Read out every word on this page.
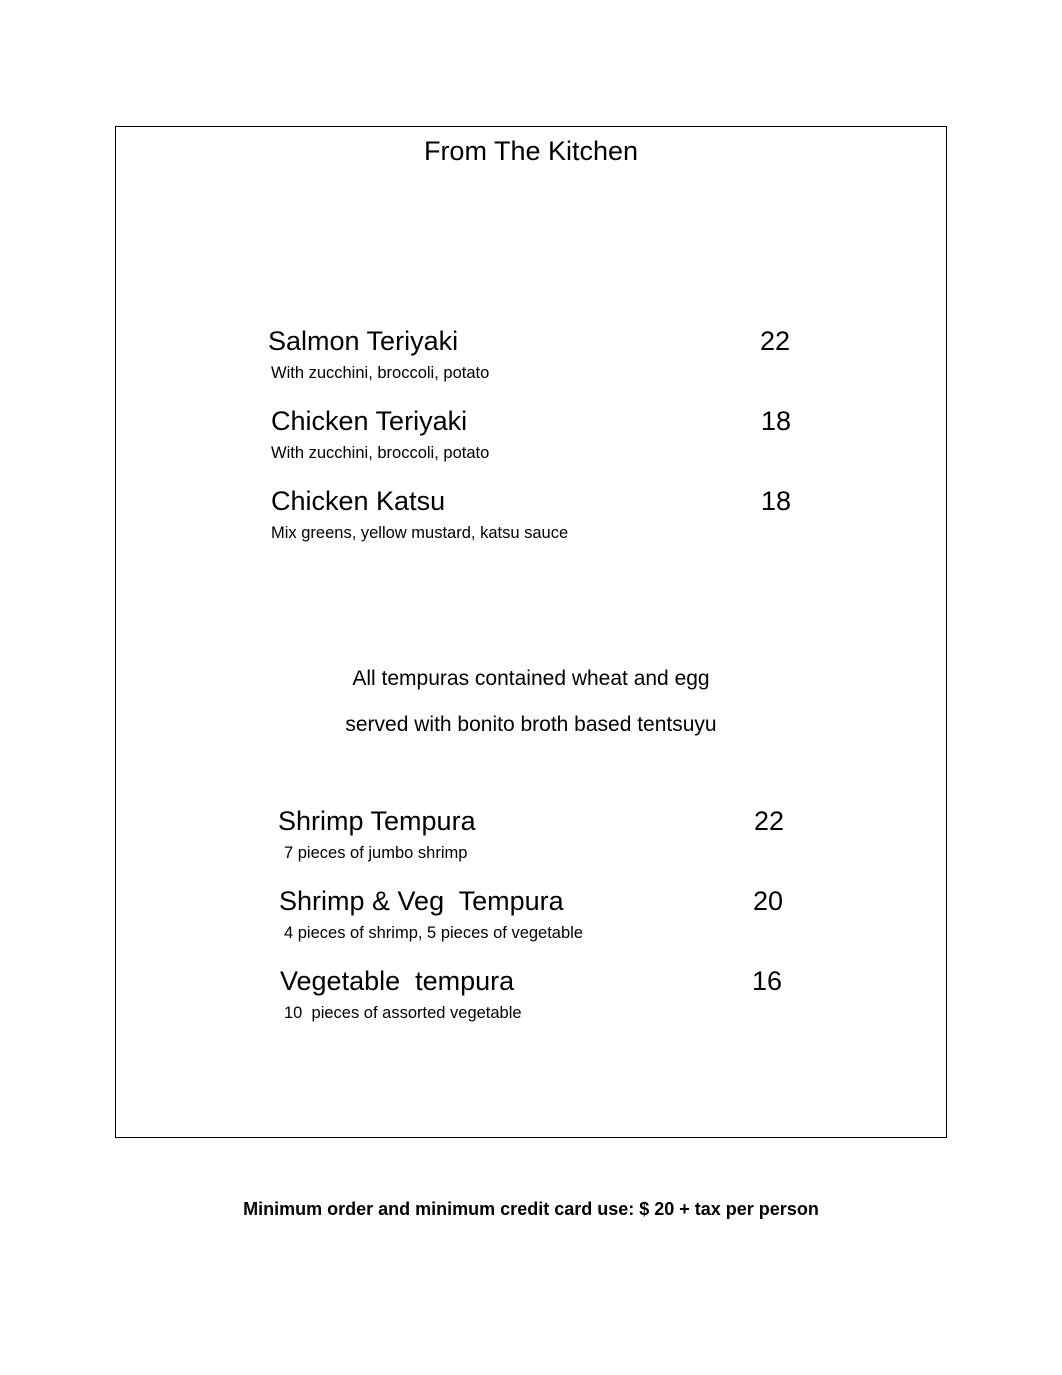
From The Kitchen
Salmon Teriyaki	22
With zucchini, broccoli, potato
Chicken Teriyaki	18
With zucchini, broccoli, potato
Chicken Katsu	18
Mix greens, yellow mustard, katsu sauce
All tempuras contained wheat and egg
served with bonito broth based tentsuyu
Shrimp Tempura	22
7 pieces of jumbo shrimp
Shrimp & Veg  Tempura	20
4 pieces of shrimp, 5 pieces of vegetable
Vegetable  tempura	16
10  pieces of assorted vegetable
Minimum order and minimum credit card use: $ 20 + tax per person
